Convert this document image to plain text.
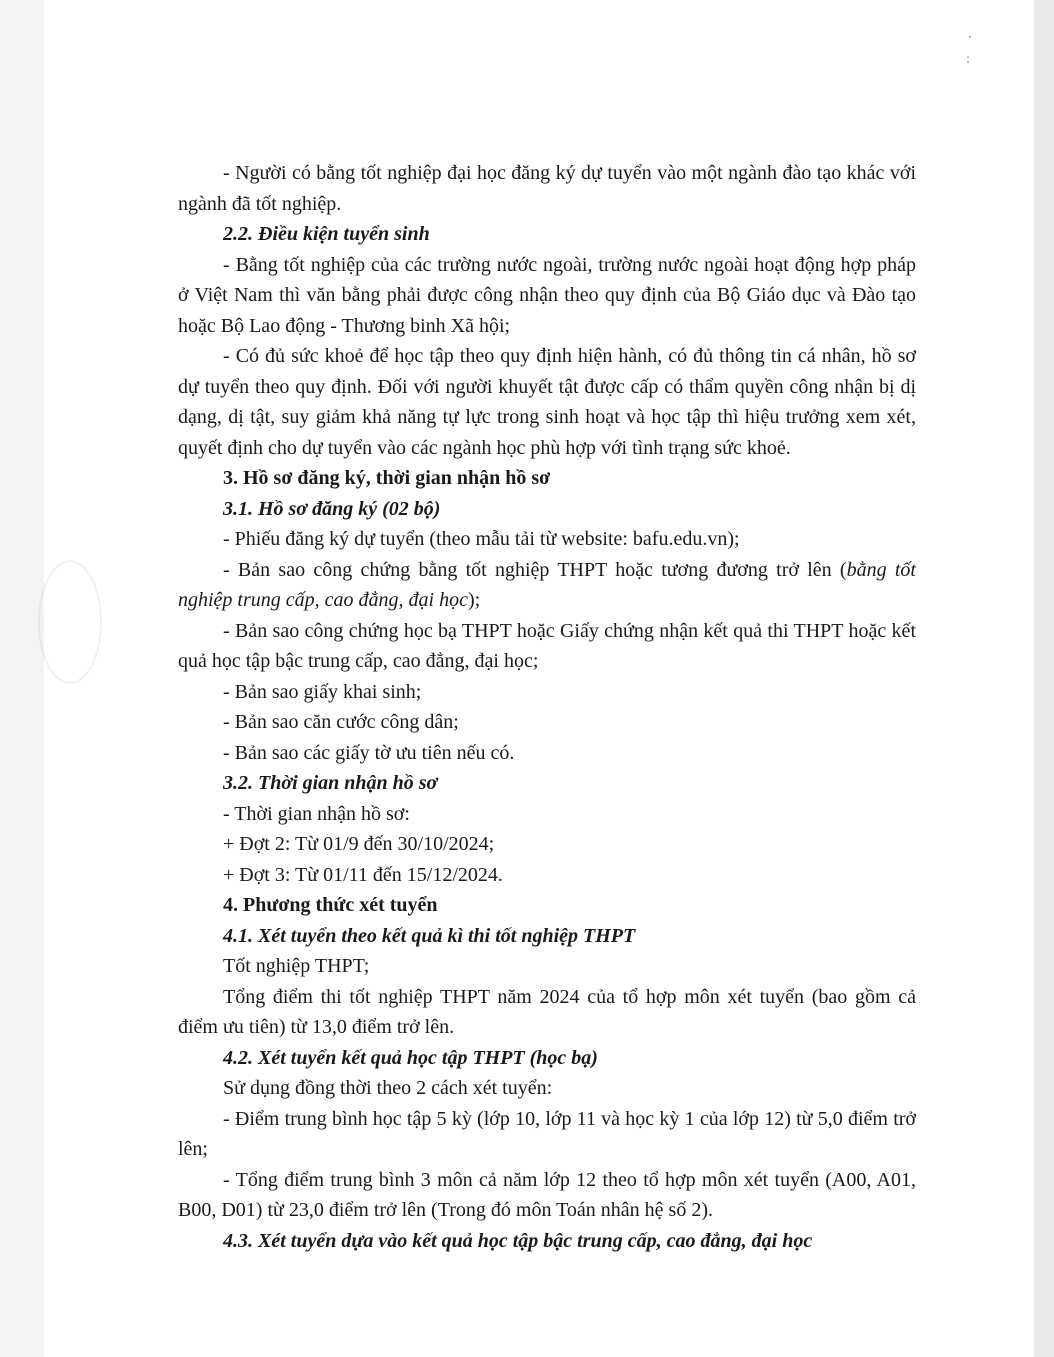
·
:

- Người có bằng tốt nghiệp đại học đăng ký dự tuyển vào một ngành đào tạo khác với ngành đã tốt nghiệp.

2.2. Điều kiện tuyển sinh

- Bằng tốt nghiệp của các trường nước ngoài, trường nước ngoài hoạt động hợp pháp ở Việt Nam thì văn bằng phải được công nhận theo quy định của Bộ Giáo dục và Đào tạo hoặc Bộ Lao động - Thương binh Xã hội;

- Có đủ sức khoẻ để học tập theo quy định hiện hành, có đủ thông tin cá nhân, hồ sơ dự tuyển theo quy định. Đối với người khuyết tật được cấp có thẩm quyền công nhận bị dị dạng, dị tật, suy giảm khả năng tự lực trong sinh hoạt và học tập thì hiệu trưởng xem xét, quyết định cho dự tuyển vào các ngành học phù hợp với tình trạng sức khoẻ.

3. Hồ sơ đăng ký, thời gian nhận hồ sơ

3.1. Hồ sơ đăng ký (02 bộ)

- Phiếu đăng ký dự tuyển (theo mẫu tải từ website: bafu.edu.vn);

- Bản sao công chứng bằng tốt nghiệp THPT hoặc tương đương trở lên (bằng tốt nghiệp trung cấp, cao đẳng, đại học);

- Bản sao công chứng học bạ THPT hoặc Giấy chứng nhận kết quả thi THPT hoặc kết quả học tập bậc trung cấp, cao đẳng, đại học;

- Bản sao giấy khai sinh;

- Bản sao căn cước công dân;

- Bản sao các giấy tờ ưu tiên nếu có.

3.2. Thời gian nhận hồ sơ

- Thời gian nhận hồ sơ:

+ Đợt 2: Từ 01/9 đến 30/10/2024;

+ Đợt 3: Từ 01/11 đến 15/12/2024.

4. Phương thức xét tuyển

4.1. Xét tuyển theo kết quả kì thi tốt nghiệp THPT

Tốt nghiệp THPT;

Tổng điểm thi tốt nghiệp THPT năm 2024 của tổ hợp môn xét tuyển (bao gồm cả điểm ưu tiên) từ 13,0 điểm trở lên.

4.2. Xét tuyển kết quả học tập THPT (học bạ)

Sử dụng đồng thời theo 2 cách xét tuyển:

- Điểm trung bình học tập 5 kỳ (lớp 10, lớp 11 và học kỳ 1 của lớp 12) từ 5,0 điểm trở lên;

- Tổng điểm trung bình 3 môn cả năm lớp 12 theo tổ hợp môn xét tuyển (A00, A01, B00, D01) từ 23,0 điểm trở lên (Trong đó môn Toán nhân hệ số 2).

4.3. Xét tuyển dựa vào kết quả học tập bậc trung cấp, cao đẳng, đại học
